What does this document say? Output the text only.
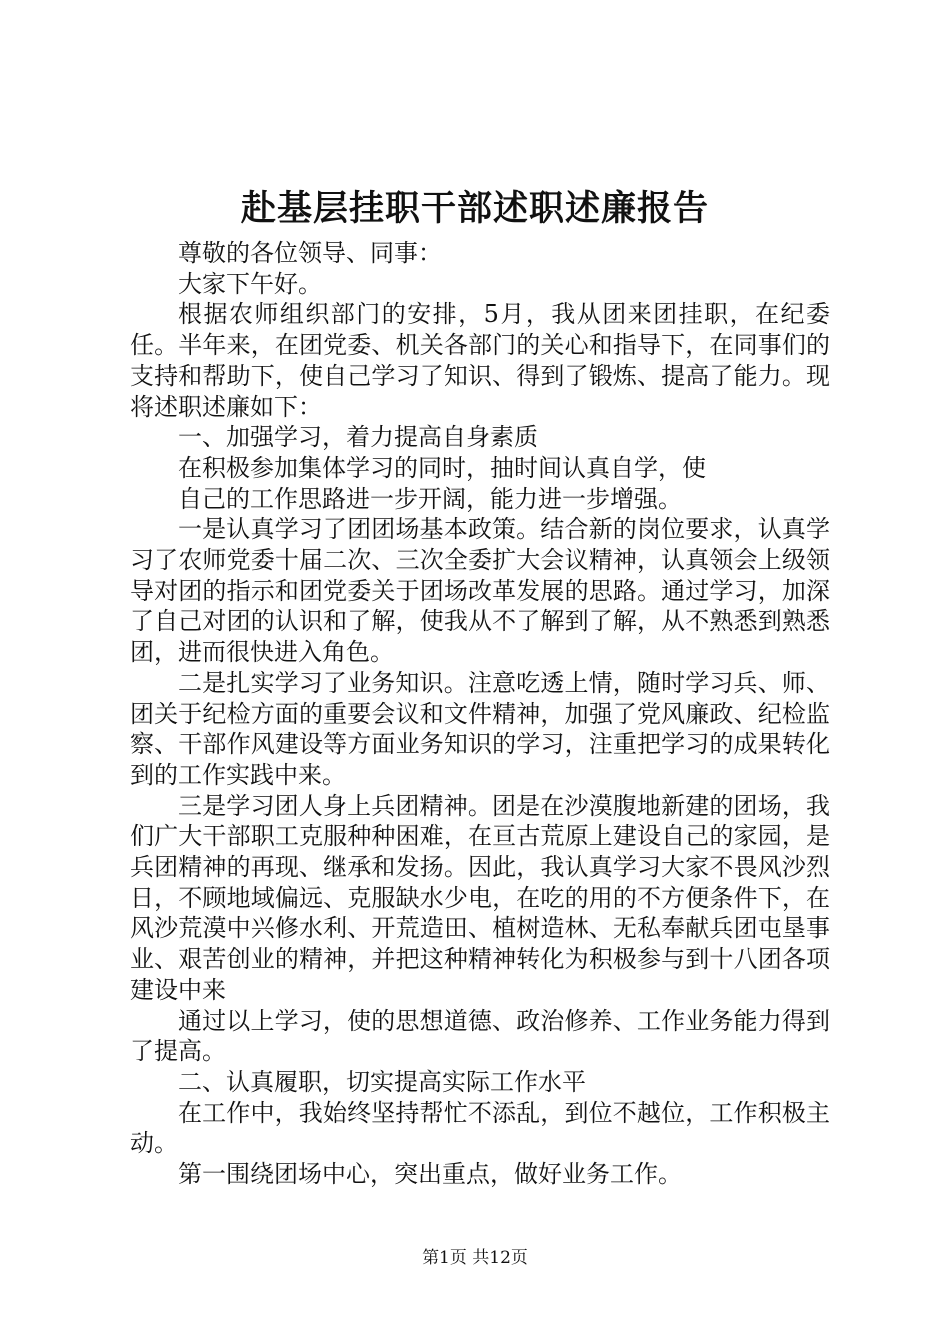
赴基层挂职干部述职述廉报告

尊敬的各位领导、同事：

大家下午好。

根据农师组织部门的安排，5月，我从团来团挂职，在纪委任。半年来，在团党委、机关各部门的关心和指导下，在同事们的支持和帮助下，使自己学习了知识、得到了锻炼、提高了能力。现将述职述廉如下：

一、加强学习，着力提高自身素质

在积极参加集体学习的同时，抽时间认真自学，使

自己的工作思路进一步开阔，能力进一步增强。

一是认真学习了团团场基本政策。结合新的岗位要求，认真学习了农师党委十届二次、三次全委扩大会议精神，认真领会上级领导对团的指示和团党委关于团场改革发展的思路。通过学习，加深了自己对团的认识和了解，使我从不了解到了解，从不熟悉到熟悉团，进而很快进入角色。

二是扎实学习了业务知识。注意吃透上情，随时学习兵、师、团关于纪检方面的重要会议和文件精神，加强了党风廉政、纪检监察、干部作风建设等方面业务知识的学习，注重把学习的成果转化到的工作实践中来。

三是学习团人身上兵团精神。团是在沙漠腹地新建的团场，我们广大干部职工克服种种困难，在亘古荒原上建设自己的家园，是兵团精神的再现、继承和发扬。因此，我认真学习大家不畏风沙烈日，不顾地域偏远、克服缺水少电，在吃的用的不方便条件下，在风沙荒漠中兴修水利、开荒造田、植树造林、无私奉献兵团屯垦事业、艰苦创业的精神，并把这种精神转化为积极参与到十八团各项建设中来

通过以上学习，使的思想道德、政治修养、工作业务能力得到了提高。

二、认真履职，切实提高实际工作水平

在工作中，我始终坚持帮忙不添乱，到位不越位，工作积极主动。

第一围绕团场中心，突出重点，做好业务工作。

第1页 共12页
